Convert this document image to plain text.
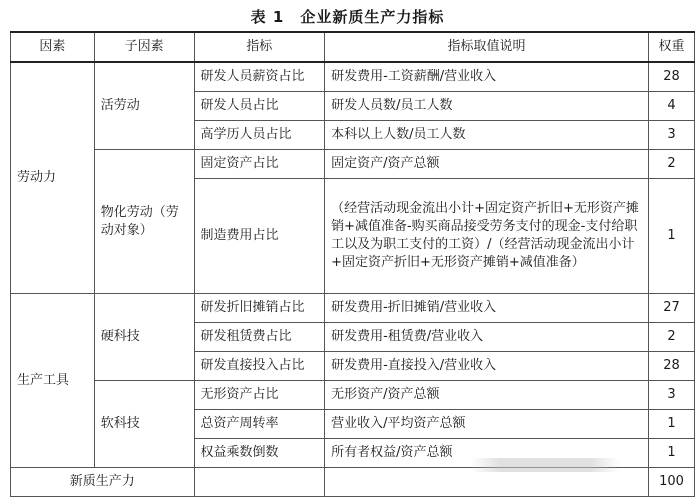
表 1 企业新质生产力指标
因素	子因素	指标	指标取值说明	权重
劳动力	活劳动	研发人员薪资占比	研发费用-工资薪酬/营业收入	28
		研发人员占比	研发人员数/员工人数	4
		高学历人员占比	本科以上人数/员工人数	3
	物化劳动（劳动对象）	固定资产占比	固定资产/资产总额	2
		制造费用占比	（经营活动现金流出小计+固定资产折旧+无形资产摊销+减值准备-购买商品接受劳务支付的现金-支付给职工以及为职工支付的工资）/（经营活动现金流出小计+固定资产折旧+无形资产摊销+减值准备）	1
生产工具	硬科技	研发折旧摊销占比	研发费用-折旧摊销/营业收入	27
		研发租赁费占比	研发费用-租赁费/营业收入	2
		研发直接投入占比	研发费用-直接投入/营业收入	28
	软科技	无形资产占比	无形资产/资产总额	3
		总资产周转率	营业收入/平均资产总额	1
		权益乘数倒数	所有者权益/资产总额	1
新质生产力				100
